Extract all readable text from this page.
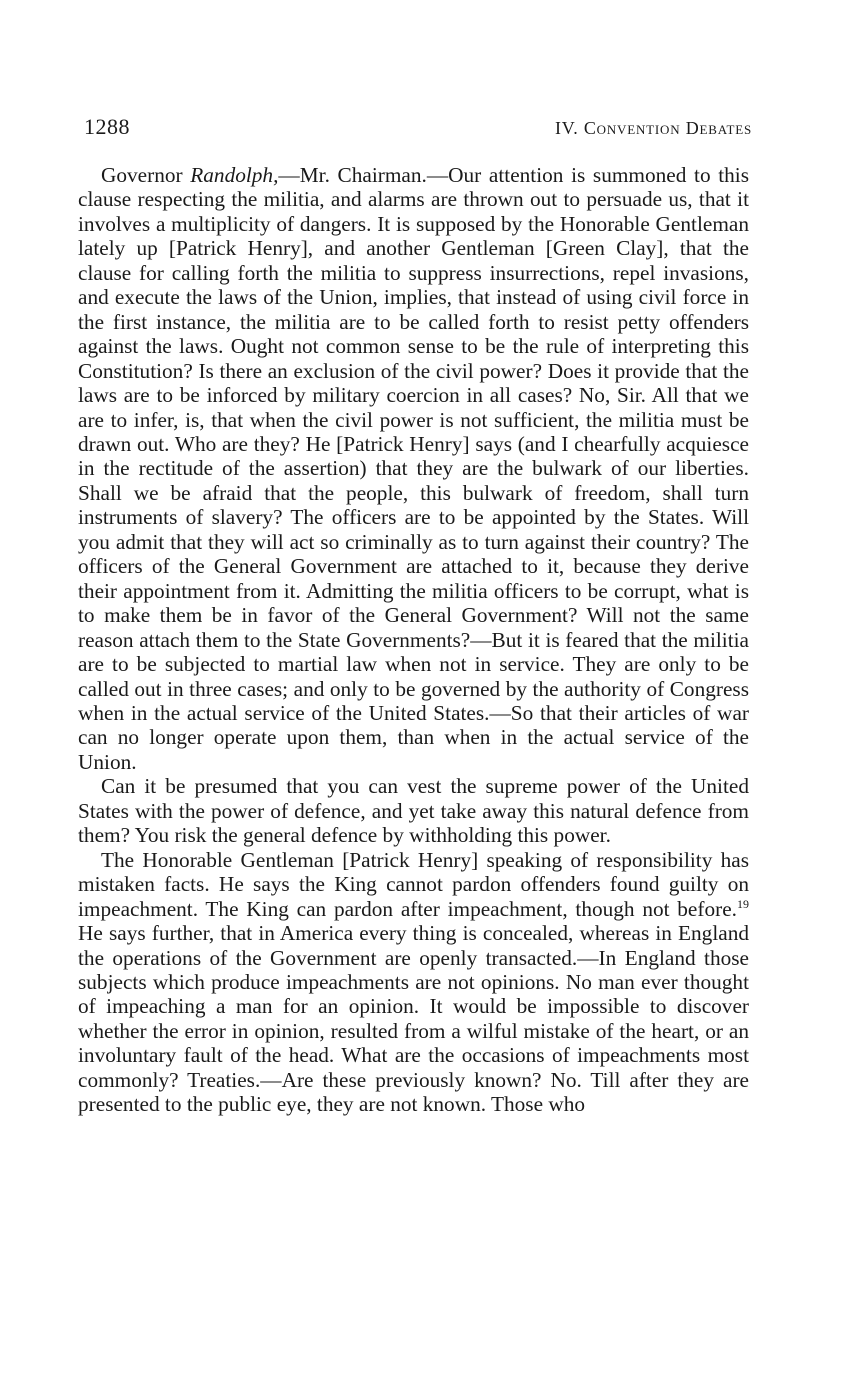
1288	IV. Convention Debates

Governor Randolph,—Mr. Chairman.—Our attention is summoned to this clause respecting the militia, and alarms are thrown out to persuade us, that it involves a multiplicity of dangers. It is supposed by the Honorable Gentleman lately up [Patrick Henry], and another Gentleman [Green Clay], that the clause for calling forth the militia to suppress insurrections, repel invasions, and execute the laws of the Union, implies, that instead of using civil force in the first instance, the militia are to be called forth to resist petty offenders against the laws. Ought not common sense to be the rule of interpreting this Constitution? Is there an exclusion of the civil power? Does it provide that the laws are to be inforced by military coercion in all cases? No, Sir. All that we are to infer, is, that when the civil power is not sufficient, the militia must be drawn out. Who are they? He [Patrick Henry] says (and I chearfully acquiesce in the rectitude of the assertion) that they are the bulwark of our liberties. Shall we be afraid that the people, this bulwark of freedom, shall turn instruments of slavery? The officers are to be appointed by the States. Will you admit that they will act so criminally as to turn against their country? The officers of the General Government are attached to it, because they derive their appointment from it. Admitting the militia officers to be corrupt, what is to make them be in favor of the General Government? Will not the same reason attach them to the State Governments?—But it is feared that the militia are to be subjected to martial law when not in service. They are only to be called out in three cases; and only to be governed by the authority of Congress when in the actual service of the United States.—So that their articles of war can no longer operate upon them, than when in the actual service of the Union.

Can it be presumed that you can vest the supreme power of the United States with the power of defence, and yet take away this natural defence from them? You risk the general defence by withholding this power.

The Honorable Gentleman [Patrick Henry] speaking of responsibility has mistaken facts. He says the King cannot pardon offenders found guilty on impeachment. The King can pardon after impeachment, though not before.$^{19}$ He says further, that in America every thing is concealed, whereas in England the operations of the Government are openly transacted.—In England those subjects which produce impeachments are not opinions. No man ever thought of impeaching a man for an opinion. It would be impossible to discover whether the error in opinion, resulted from a wilful mistake of the heart, or an involuntary fault of the head. What are the occasions of impeachments most commonly? Treaties.—Are these previously known? No. Till after they are presented to the public eye, they are not known. Those who
